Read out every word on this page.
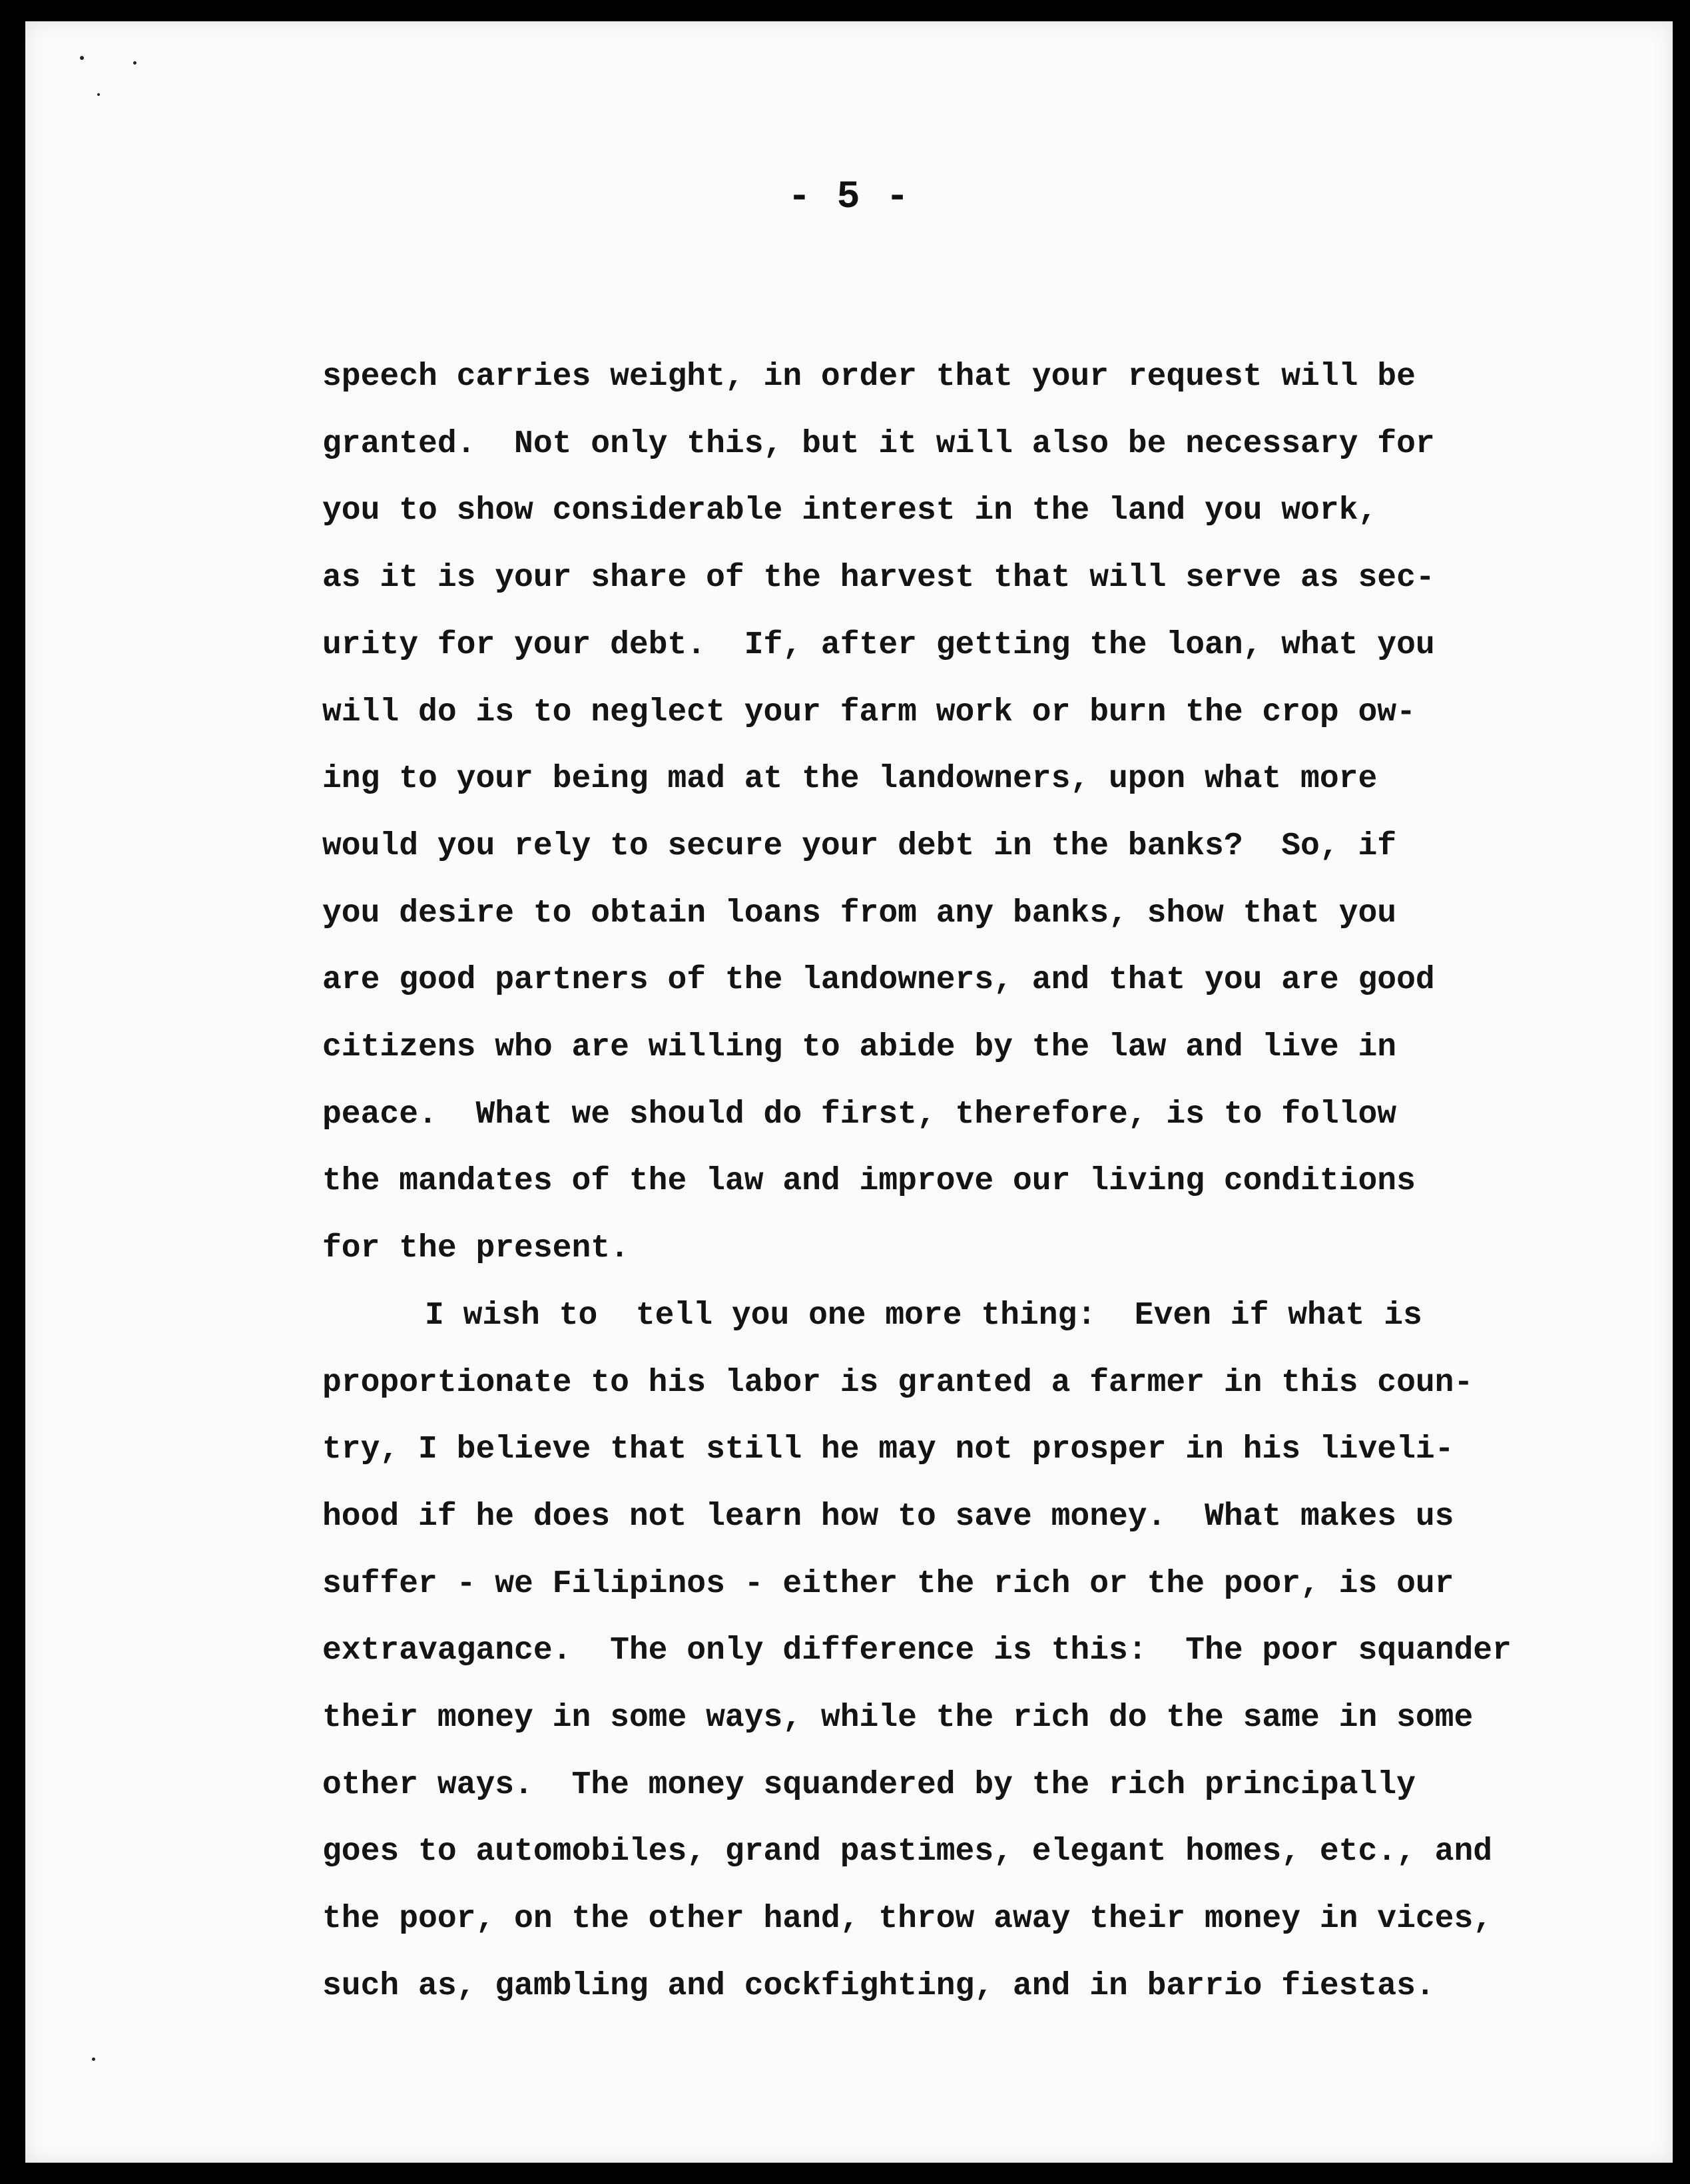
- 5 -
speech carries weight, in order that your request will be
granted.  Not only this, but it will also be necessary for
you to show considerable interest in the land you work,
as it is your share of the harvest that will serve as sec-
urity for your debt.  If, after getting the loan, what you
will do is to neglect your farm work or burn the crop ow-
ing to your being mad at the landowners, upon what more
would you rely to secure your debt in the banks?  So, if
you desire to obtain loans from any banks, show that you
are good partners of the landowners, and that you are good
citizens who are willing to abide by the law and live in
peace.  What we should do first, therefore, is to follow
the mandates of the law and improve our living conditions
for the present.
I wish to  tell you one more thing:  Even if what is
proportionate to his labor is granted a farmer in this coun-
try, I believe that still he may not prosper in his liveli-
hood if he does not learn how to save money.  What makes us
suffer - we Filipinos - either the rich or the poor, is our
extravagance.  The only difference is this:  The poor squander
their money in some ways, while the rich do the same in some
other ways.  The money squandered by the rich principally
goes to automobiles, grand pastimes, elegant homes, etc., and
the poor, on the other hand, throw away their money in vices,
such as, gambling and cockfighting, and in barrio fiestas.
